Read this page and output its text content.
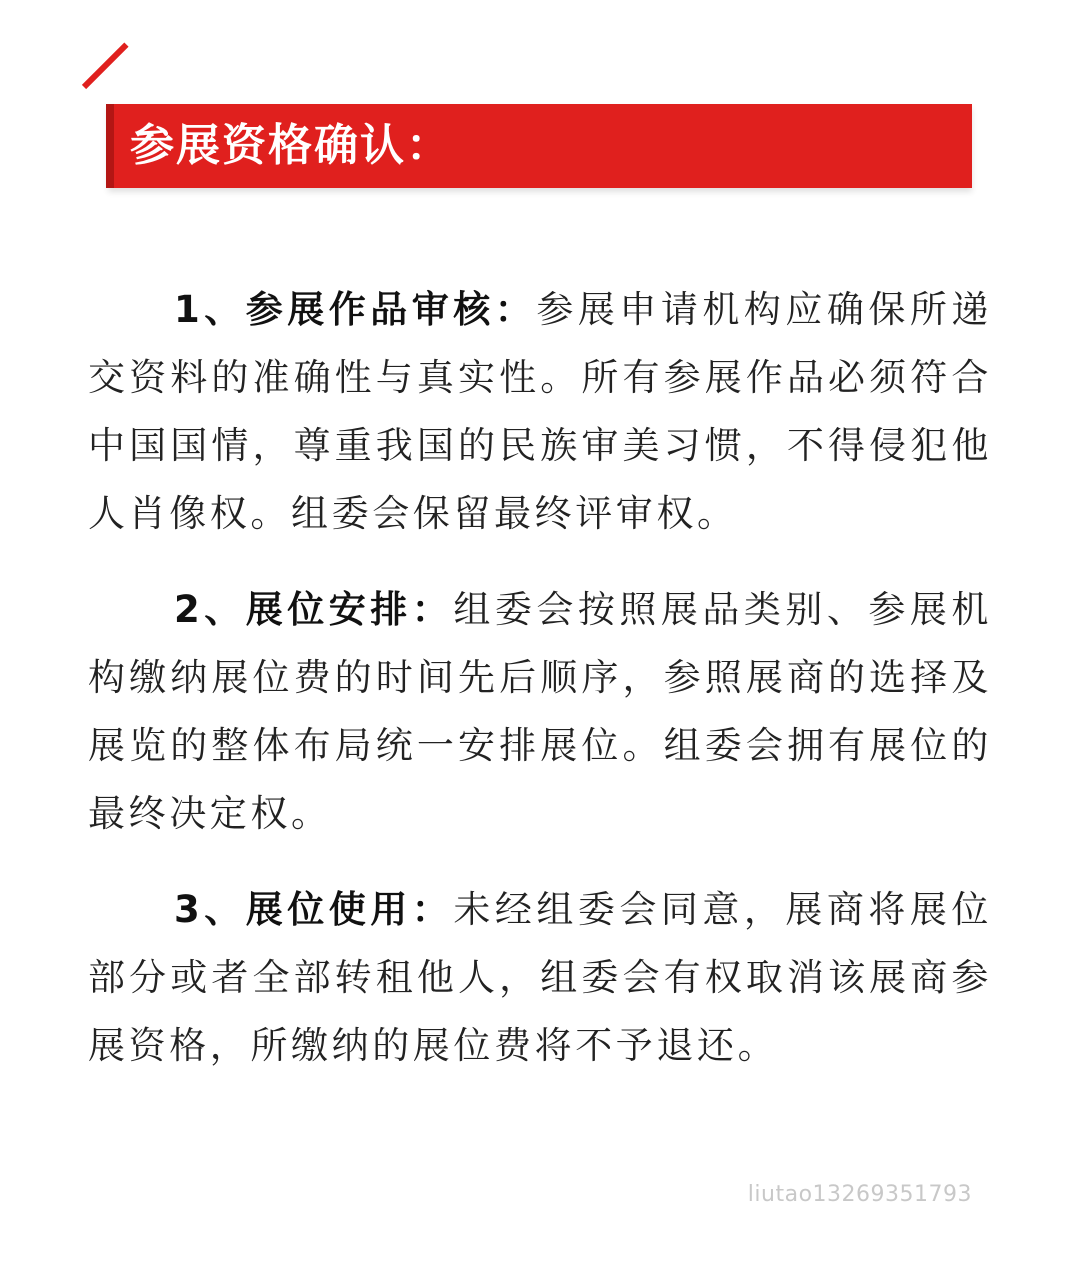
参展资格确认：

1、参展作品审核：参展申请机构应确保所递交资料的准确性与真实性。所有参展作品必须符合中国国情，尊重我国的民族审美习惯，不得侵犯他人肖像权。组委会保留最终评审权。

2、展位安排：组委会按照展品类别、参展机构缴纳展位费的时间先后顺序，参照展商的选择及展览的整体布局统一安排展位。组委会拥有展位的最终决定权。

3、展位使用：未经组委会同意，展商将展位部分或者全部转租他人，组委会有权取消该展商参展资格，所缴纳的展位费将不予退还。

liutao13269351793
